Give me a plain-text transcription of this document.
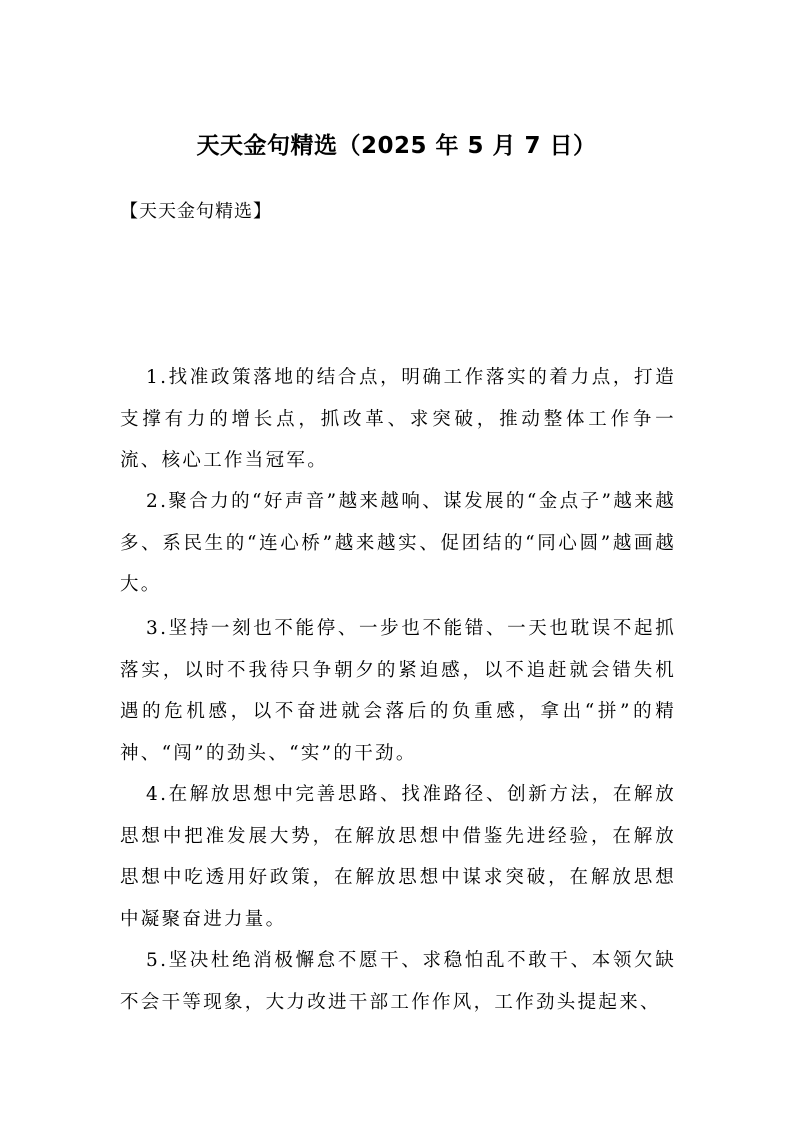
天天金句精选（2025 年 5 月 7 日）
【天天金句精选】

1.找准政策落地的结合点，明确工作落实的着力点，打造支撑有力的增长点，抓改革、求突破，推动整体工作争一流、核心工作当冠军。

2.聚合力的“好声音”越来越响、谋发展的“金点子”越来越多、系民生的“连心桥”越来越实、促团结的“同心圆”越画越大。

3.坚持一刻也不能停、一步也不能错、一天也耽误不起抓落实，以时不我待只争朝夕的紧迫感，以不追赶就会错失机遇的危机感，以不奋进就会落后的负重感，拿出“拼”的精神、“闯”的劲头、“实”的干劲。

4.在解放思想中完善思路、找准路径、创新方法，在解放思想中把准发展大势，在解放思想中借鉴先进经验，在解放思想中吃透用好政策，在解放思想中谋求突破，在解放思想中凝聚奋进力量。

5.坚决杜绝消极懈怠不愿干、求稳怕乱不敢干、本领欠缺不会干等现象，大力改进干部工作作风，工作劲头提起来、
